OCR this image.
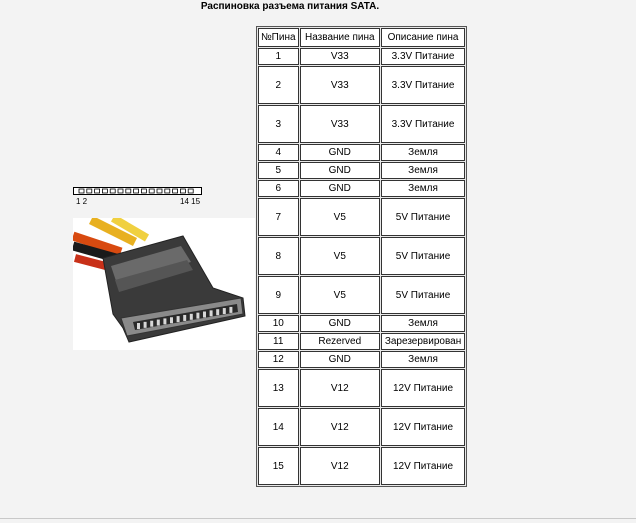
Распиновка разъема питания SATA.
1 2	14 15
№Пина	Название пина	Описание пина
1	V33	3.3V Питание
2	V33	3.3V Питание
3	V33	3.3V Питание
4	GND	Земля
5	GND	Земля
6	GND	Земля
7	V5	5V Питание
8	V5	5V Питание
9	V5	5V Питание
10	GND	Земля
11	Rezerved	Зарезервирован
12	GND	Земля
13	V12	12V Питание
14	V12	12V Питание
15	V12	12V Питание
